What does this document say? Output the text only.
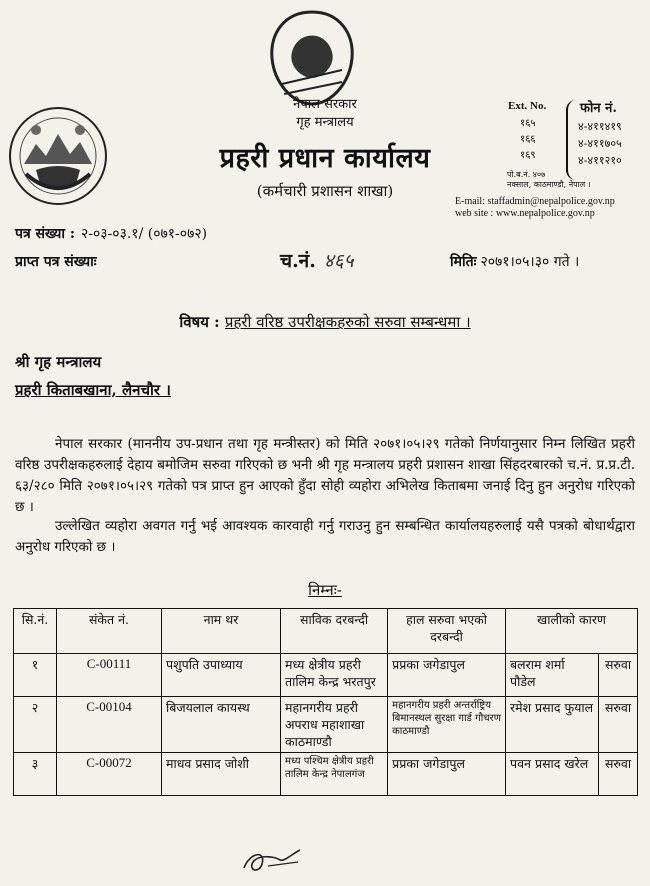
नेपाल सरकार
गृह मन्त्रालय
प्रहरी प्रधान कार्यालय
(कर्मचारी प्रशासन शाखा)
Ext. No.
१६५
१६६
१६९
फोन नं.
४-४११४१९
४-४११७०५
४-४११२१०
पो.ब.नं. ४०७
नक्साल, काठमाण्डौ, नेपाल ।
E-mail: staffadmin@nepalpolice.gov.np
web site : www.nepalpolice.gov.np
पत्र संख्या : २-०३-०३.१/ (०७१-०७२)
प्राप्त पत्र संख्याः	च.नं. ४६५	मितिः २०७१।०५।३० गते ।
विषय : प्रहरी वरिष्ठ उपरीक्षकहरुको सरुवा सम्बन्धमा ।
श्री गृह मन्त्रालय
प्रहरी किताबखाना, लैनचौर ।
नेपाल सरकार (माननीय उप-प्रधान तथा गृह मन्त्रीस्तर) को मिति २०७१।०५।२९ गतेको निर्णयानुसार निम्न लिखित प्रहरी वरिष्ठ उपरीक्षकहरुलाई देहाय बमोजिम सरुवा गरिएको छ भनी श्री गृह मन्त्रालय प्रहरी प्रशासन शाखा सिंहदरबारको च.नं. प्र.प्र.टी. ६३/२८० मिति २०७१।०५।२९ गतेको पत्र प्राप्त हुन आएको हुँदा सोही व्यहोरा अभिलेख किताबमा जनाई दिनु हुन अनुरोध गरिएको छ ।
उल्लेखित व्यहोरा अवगत गर्नु भई आवश्यक कारवाही गर्नु गराउनु हुन सम्बन्धित कार्यालयहरुलाई यसै पत्रको बोधार्थद्वारा अनुरोध गरिएको छ ।
निम्नः-
सि.नं.	संकेत नं.	नाम थर	साविक दरबन्दी	हाल सरुवा भएको दरबन्दी	खालीको कारण	
१	C-00111	पशुपति उपाध्याय	मध्य क्षेत्रीय प्रहरी तालिम केन्द्र भरतपुर	प्रप्रका जगेडापुल	बलराम शर्मा पौडेल	सरुवा
२	C-00104	बिजयलाल कायस्थ	महानगरीय प्रहरी अपराध महाशाखा काठमाण्डौ	महानगरीय प्रहरी अन्तर्राष्ट्रिय बिमानस्थल सुरक्षा गार्ड गौचरण काठमाण्डौ	रमेश प्रसाद फुयाल	सरुवा
३	C-00072	माधव प्रसाद जोशी	मध्य पश्चिम क्षेत्रीय प्रहरी तालिम केन्द्र नेपालगंज	प्रप्रका जगेडापुल	पवन प्रसाद खरेल	सरुवा
